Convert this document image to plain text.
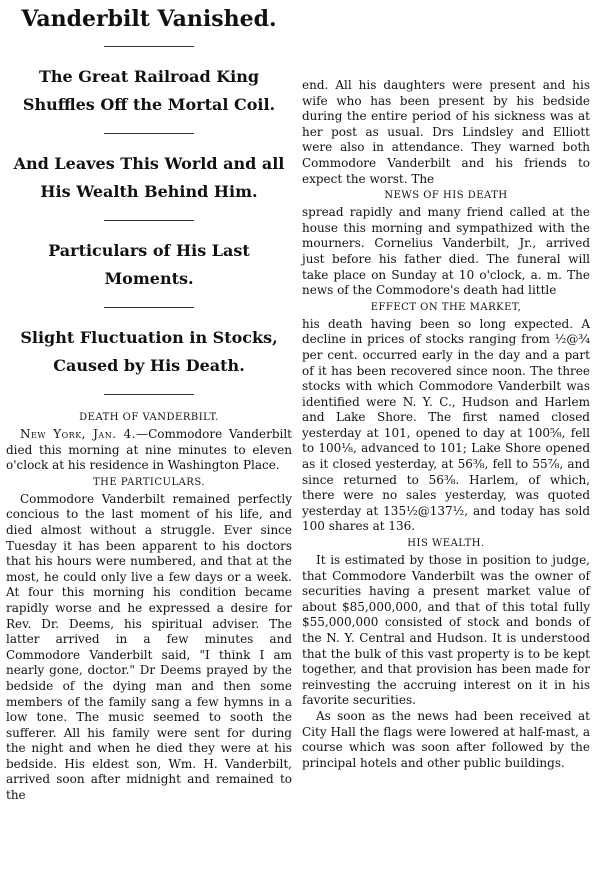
Vanderbilt Vanished.
The Great Railroad King Shuffles Off the Mortal Coil.
And Leaves This World and all His Wealth Behind Him.
Particulars of His Last Moments.
Slight Fluctuation in Stocks, Caused by His Death.
DEATH OF VANDERBILT.

New York, Jan. 4.—Commodore Vanderbilt died this morning at nine minutes to eleven o'clock at his residence in Washington Place.

THE PARTICULARS.

Commodore Vanderbilt remained perfectly concious to the last moment of his life, and died almost without a struggle. Ever since Tuesday it has been apparent to his doctors that his hours were numbered, and that at the most, he could only live a few days or a week. At four this morning his condition became rapidly worse and he expressed a desire for Rev. Dr. Deems, his spiritual adviser. The latter arrived in a few minutes and Commodore Vanderbilt said, "I think I am nearly gone, doctor." Dr Deems prayed by the bedside of the dying man and then some members of the family sang a few hymns in a low tone. The music seemed to sooth the sufferer. All his family were sent for during the night and when he died they were at his bedside. His eldest son, Wm. H. Vanderbilt, arrived soon after midnight and remained to the

end. All his daughters were present and his wife who has been present by his bedside during the entire period of his sickness was at her post as usual. Drs Lindsley and Elliott were also in attendance. They warned both Commodore Vanderbilt and his friends to expect the worst. The

NEWS OF HIS DEATH

spread rapidly and many friend called at the house this morning and sympathized with the mourners. Cornelius Vanderbilt, Jr., arrived just before his father died. The funeral will take place on Sunday at 10 o'clock, a. m. The news of the Commodore's death had little

EFFECT ON THE MARKET,

his death having been so long expected. A decline in prices of stocks ranging from ½@¾ per cent. occurred early in the day and a part of it has been recovered since noon. The three stocks with which Commodore Vanderbilt was identified were N. Y. C., Hudson and Harlem and Lake Shore. The first named closed yesterday at 101, opened to day at 100⅝, fell to 100⅛, advanced to 101; Lake Shore opened as it closed yesterday, at 56⅜, fell to 55⅞, and since returned to 56⅜. Harlem, of which, there were no sales yesterday, was quoted yesterday at 135½@137½, and today has sold 100 shares at 136.

HIS WEALTH.

It is estimated by those in position to judge, that Commodore Vanderbilt was the owner of securities having a present market value of about $85,000,000, and that of this total fully $55,000,000 consisted of stock and bonds of the N. Y. Central and Hudson. It is understood that the bulk of this vast property is to be kept together, and that provision has been made for reinvesting the accruing interest on it in his favorite securities.

As soon as the news had been received at City Hall the flags were lowered at half-mast, a course which was soon after followed by the principal hotels and other public buildings.
